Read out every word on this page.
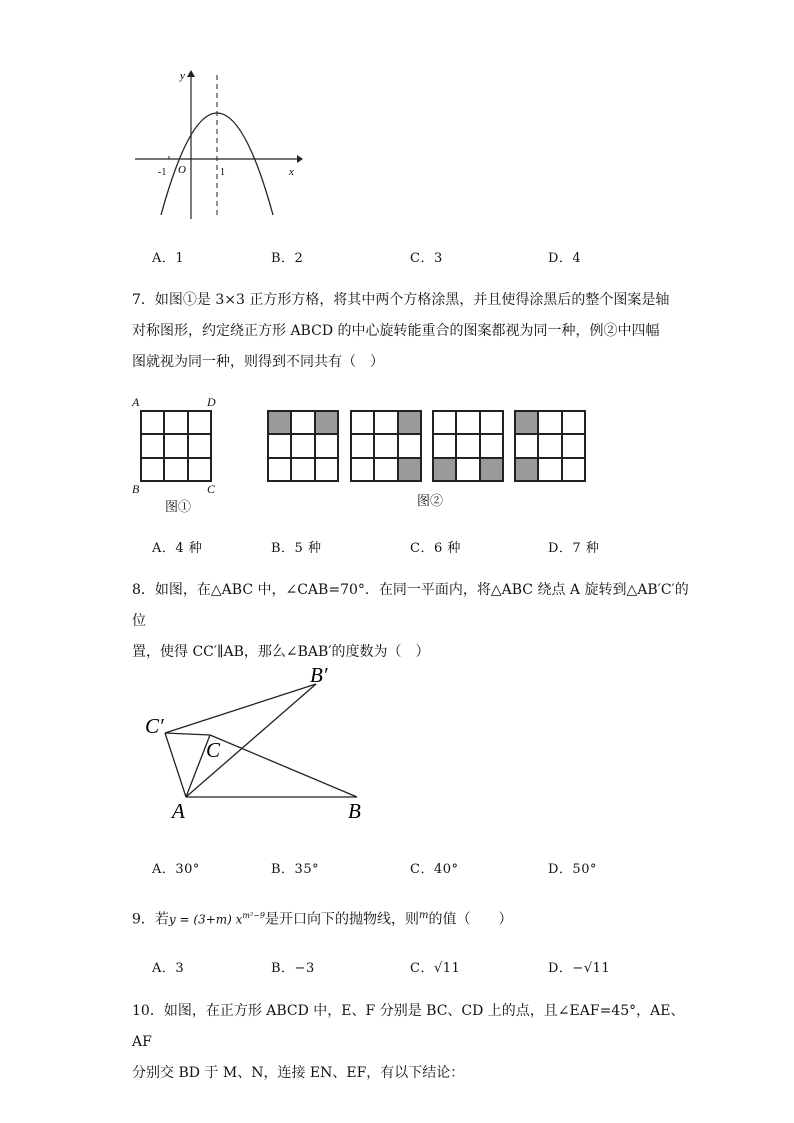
y
x
O
-1	1
A．1	B．2	C．3	D．4
7．如图①是 3×3 正方形方格，将其中两个方格涂黑，并且使得涂黑后的整个图案是轴
对称图形，约定绕正方形 ABCD 的中心旋转能重合的图案都视为同一种，例②中四幅
图就视为同一种，则得到不同共有（　）
A	D
B	C
图①	图②
A．4 种	B．5 种	C．6 种	D．7 种
8．如图，在△ABC 中，∠CAB=70°．在同一平面内，将△ABC 绕点 A 旋转到△AB′C′的位
置，使得 CC′∥AB，那么∠BAB′的度数为（　）
A	B
C
C′
B′
A．30°	B．35°	C．40°	D．50°
9．若y = (3+m) $x^{m^2-9}$是开口向下的抛物线，则$^m$的值（　　）
A．3	B．−3	C．√11	D．−√11
10．如图，在正方形 ABCD 中，E、F 分别是 BC、CD 上的点，且∠EAF=45°，AE、AF
分别交 BD 于 M、N，连接 EN、EF，有以下结论：
